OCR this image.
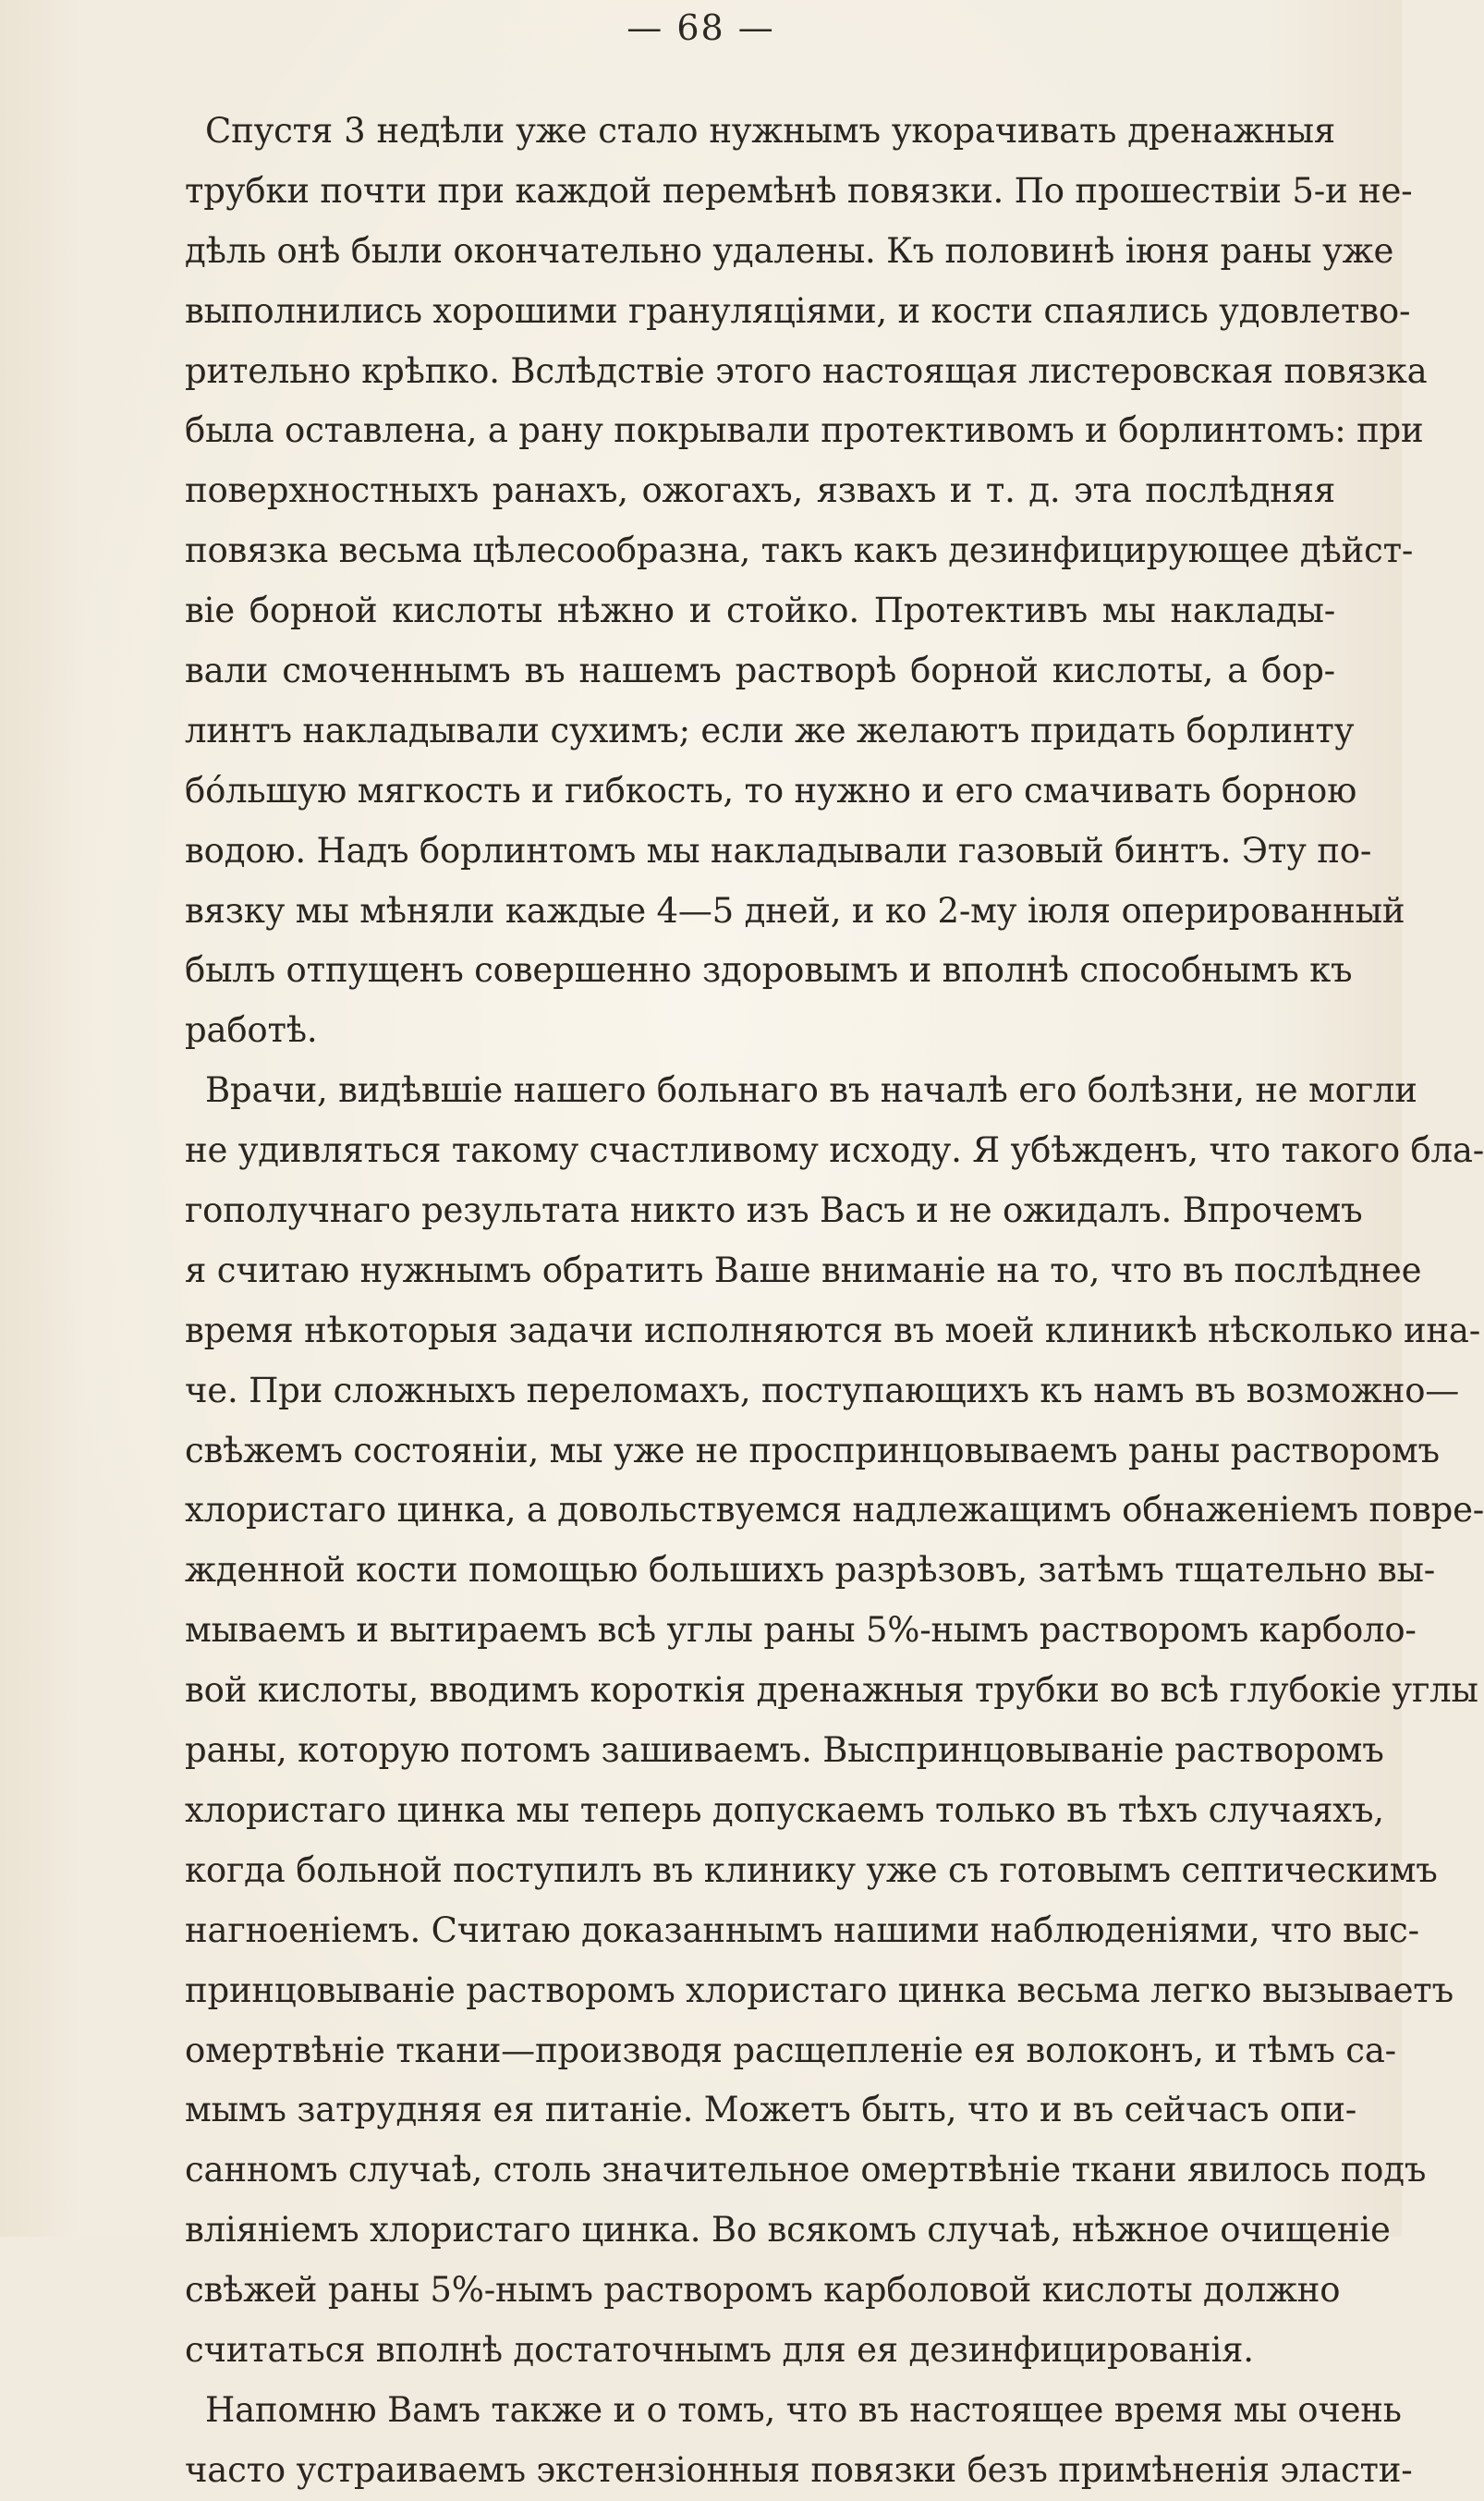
— 68 —
Спустя 3 недѣли уже стало нужнымъ укорачивать дренажныя
трубки почти при каждой перемѣнѣ повязки. По прошествіи 5-и не-
дѣль онѣ были окончательно удалены. Къ половинѣ іюня раны уже
выполнились хорошими грануляціями, и кости спаялись удовлетво-
рительно крѣпко. Вслѣдствіе этого настоящая листеровская повязка
была оставлена, а рану покрывали протективомъ и борлинтомъ: при
поверхностныхъ ранахъ, ожогахъ, язвахъ и т. д. эта послѣдняя
повязка весьма цѣлесообразна, такъ какъ дезинфицирующее дѣйст-
віе борной кислоты нѣжно и стойко. Протективъ мы наклады-
вали смоченнымъ въ нашемъ растворѣ борной кислоты, а бор-
линтъ накладывали сухимъ; если же желаютъ придать борлинту
бо́льшую мягкость и гибкость, то нужно и его смачивать борною
водою. Надъ борлинтомъ мы накладывали газовый бинтъ. Эту по-
вязку мы мѣняли каждые 4—5 дней, и ко 2-му іюля оперированный
былъ отпущенъ совершенно здоровымъ и вполнѣ способнымъ къ
работѣ.
Врачи, видѣвшіе нашего больнаго въ началѣ его болѣзни, не могли
не удивляться такому счастливому исходу. Я убѣжденъ, что такого бла-
гополучнаго результата никто изъ Васъ и не ожидалъ. Впрочемъ
я считаю нужнымъ обратить Ваше вниманіе на то, что въ послѣднее
время нѣкоторыя задачи исполняются въ моей клиникѣ нѣсколько ина-
че. При сложныхъ переломахъ, поступающихъ къ намъ въ возможно—
свѣжемъ состояніи, мы уже не проспринцовываемъ раны растворомъ
хлористаго цинка, а довольствуемся надлежащимъ обнаженіемъ повре-
жденной кости помощью большихъ разрѣзовъ, затѣмъ тщательно вы-
мываемъ и вытираемъ всѣ углы раны 5%-нымъ растворомъ карболо-
вой кислоты, вводимъ короткія дренажныя трубки во всѣ глубокіе углы
раны, которую потомъ зашиваемъ. Выспринцовываніе растворомъ
хлористаго цинка мы теперь допускаемъ только въ тѣхъ случаяхъ,
когда больной поступилъ въ клинику уже съ готовымъ септическимъ
нагноеніемъ. Считаю доказаннымъ нашими наблюденіями, что выс-
принцовываніе растворомъ хлористаго цинка весьма легко вызываетъ
омертвѣніе ткани—производя расщепленіе ея волоконъ, и тѣмъ са-
мымъ затрудняя ея питаніе. Можетъ быть, что и въ сейчасъ опи-
санномъ случаѣ, столь значительное омертвѣніе ткани явилось подъ
вліяніемъ хлористаго цинка. Во всякомъ случаѣ, нѣжное очищеніе
свѣжей раны 5%-нымъ растворомъ карболовой кислоты должно
считаться вполнѣ достаточнымъ для ея дезинфицированія.
Напомню Вамъ также и о томъ, что въ настоящее время мы очень
часто устраиваемъ экстензіонныя повязки безъ примѣненія эласти-
